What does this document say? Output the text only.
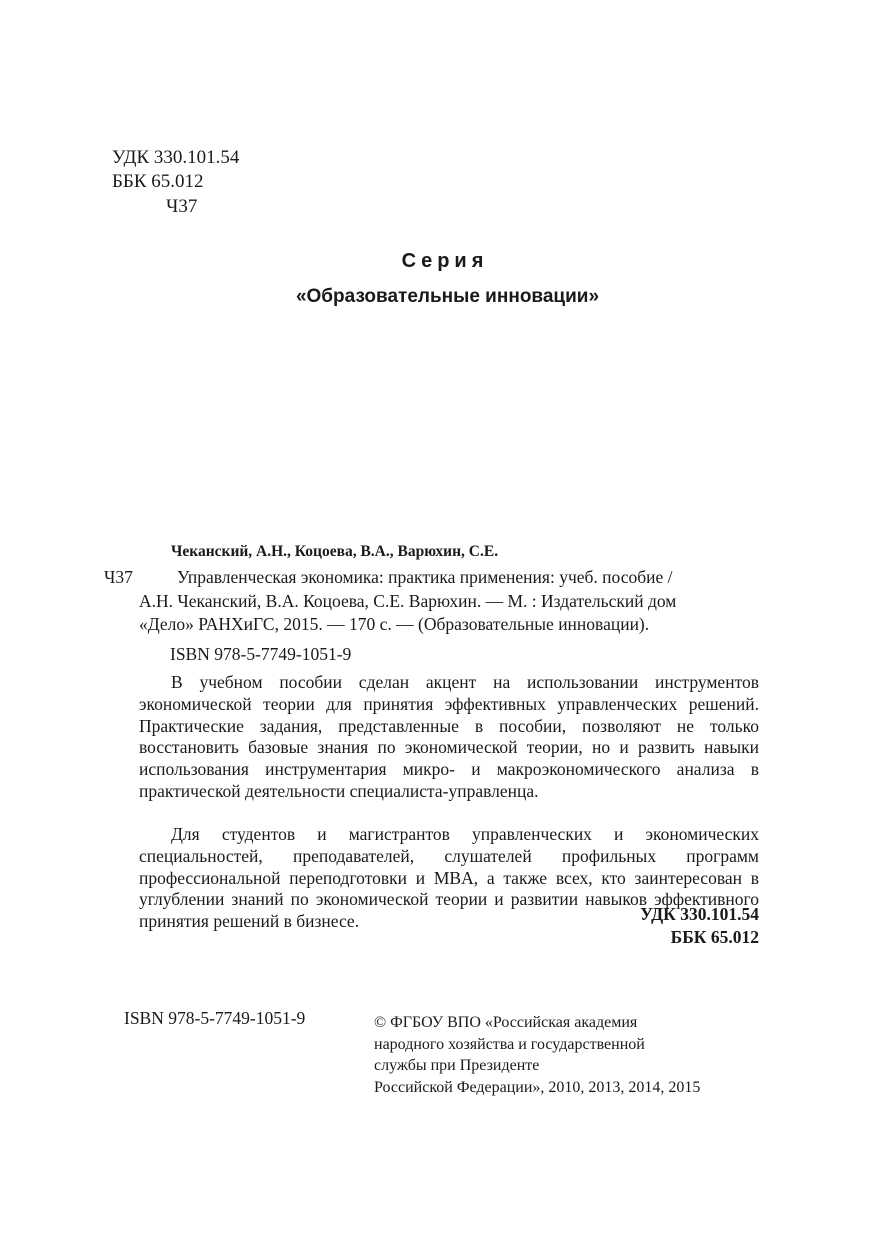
УДК 330.101.54
ББК 65.012
Ч37
Серия
«Образовательные инновации»
Чеканский, А.Н., Коцоева, В.А., Варюхин, С.Е.
Ч37	Управленческая экономика: практика применения: учеб. пособие /
А.Н. Чеканский, В.А. Коцоева, С.Е. Варюхин. — М. : Издательский дом
«Дело» РАНХиГС, 2015. — 170 с. — (Образовательные инновации).
ISBN 978-5-7749-1051-9

В учебном пособии сделан акцент на использовании инструментов экономической теории для принятия эффективных управленческих решений. Практические задания, представленные в пособии, позволяют не только восстановить базовые знания по экономической теории, но и развить навыки использования инструментария микро- и макроэкономического анализа в практической деятельности специалиста-управленца.

Для студентов и магистрантов управленческих и экономических специальностей, преподавателей, слушателей профильных программ профессиональной переподготовки и MBA, а также всех, кто заинтересован в углублении знаний по экономической теории и развитии навыков эффективного принятия решений в бизнесе.	УДК 330.101.54
ББК 65.012
ISBN 978-5-7749-1051-9	© ФГБОУ ВПО «Российская академия
народного хозяйства и государственной
службы при Президенте
Российской Федерации», 2010, 2013, 2014, 2015
